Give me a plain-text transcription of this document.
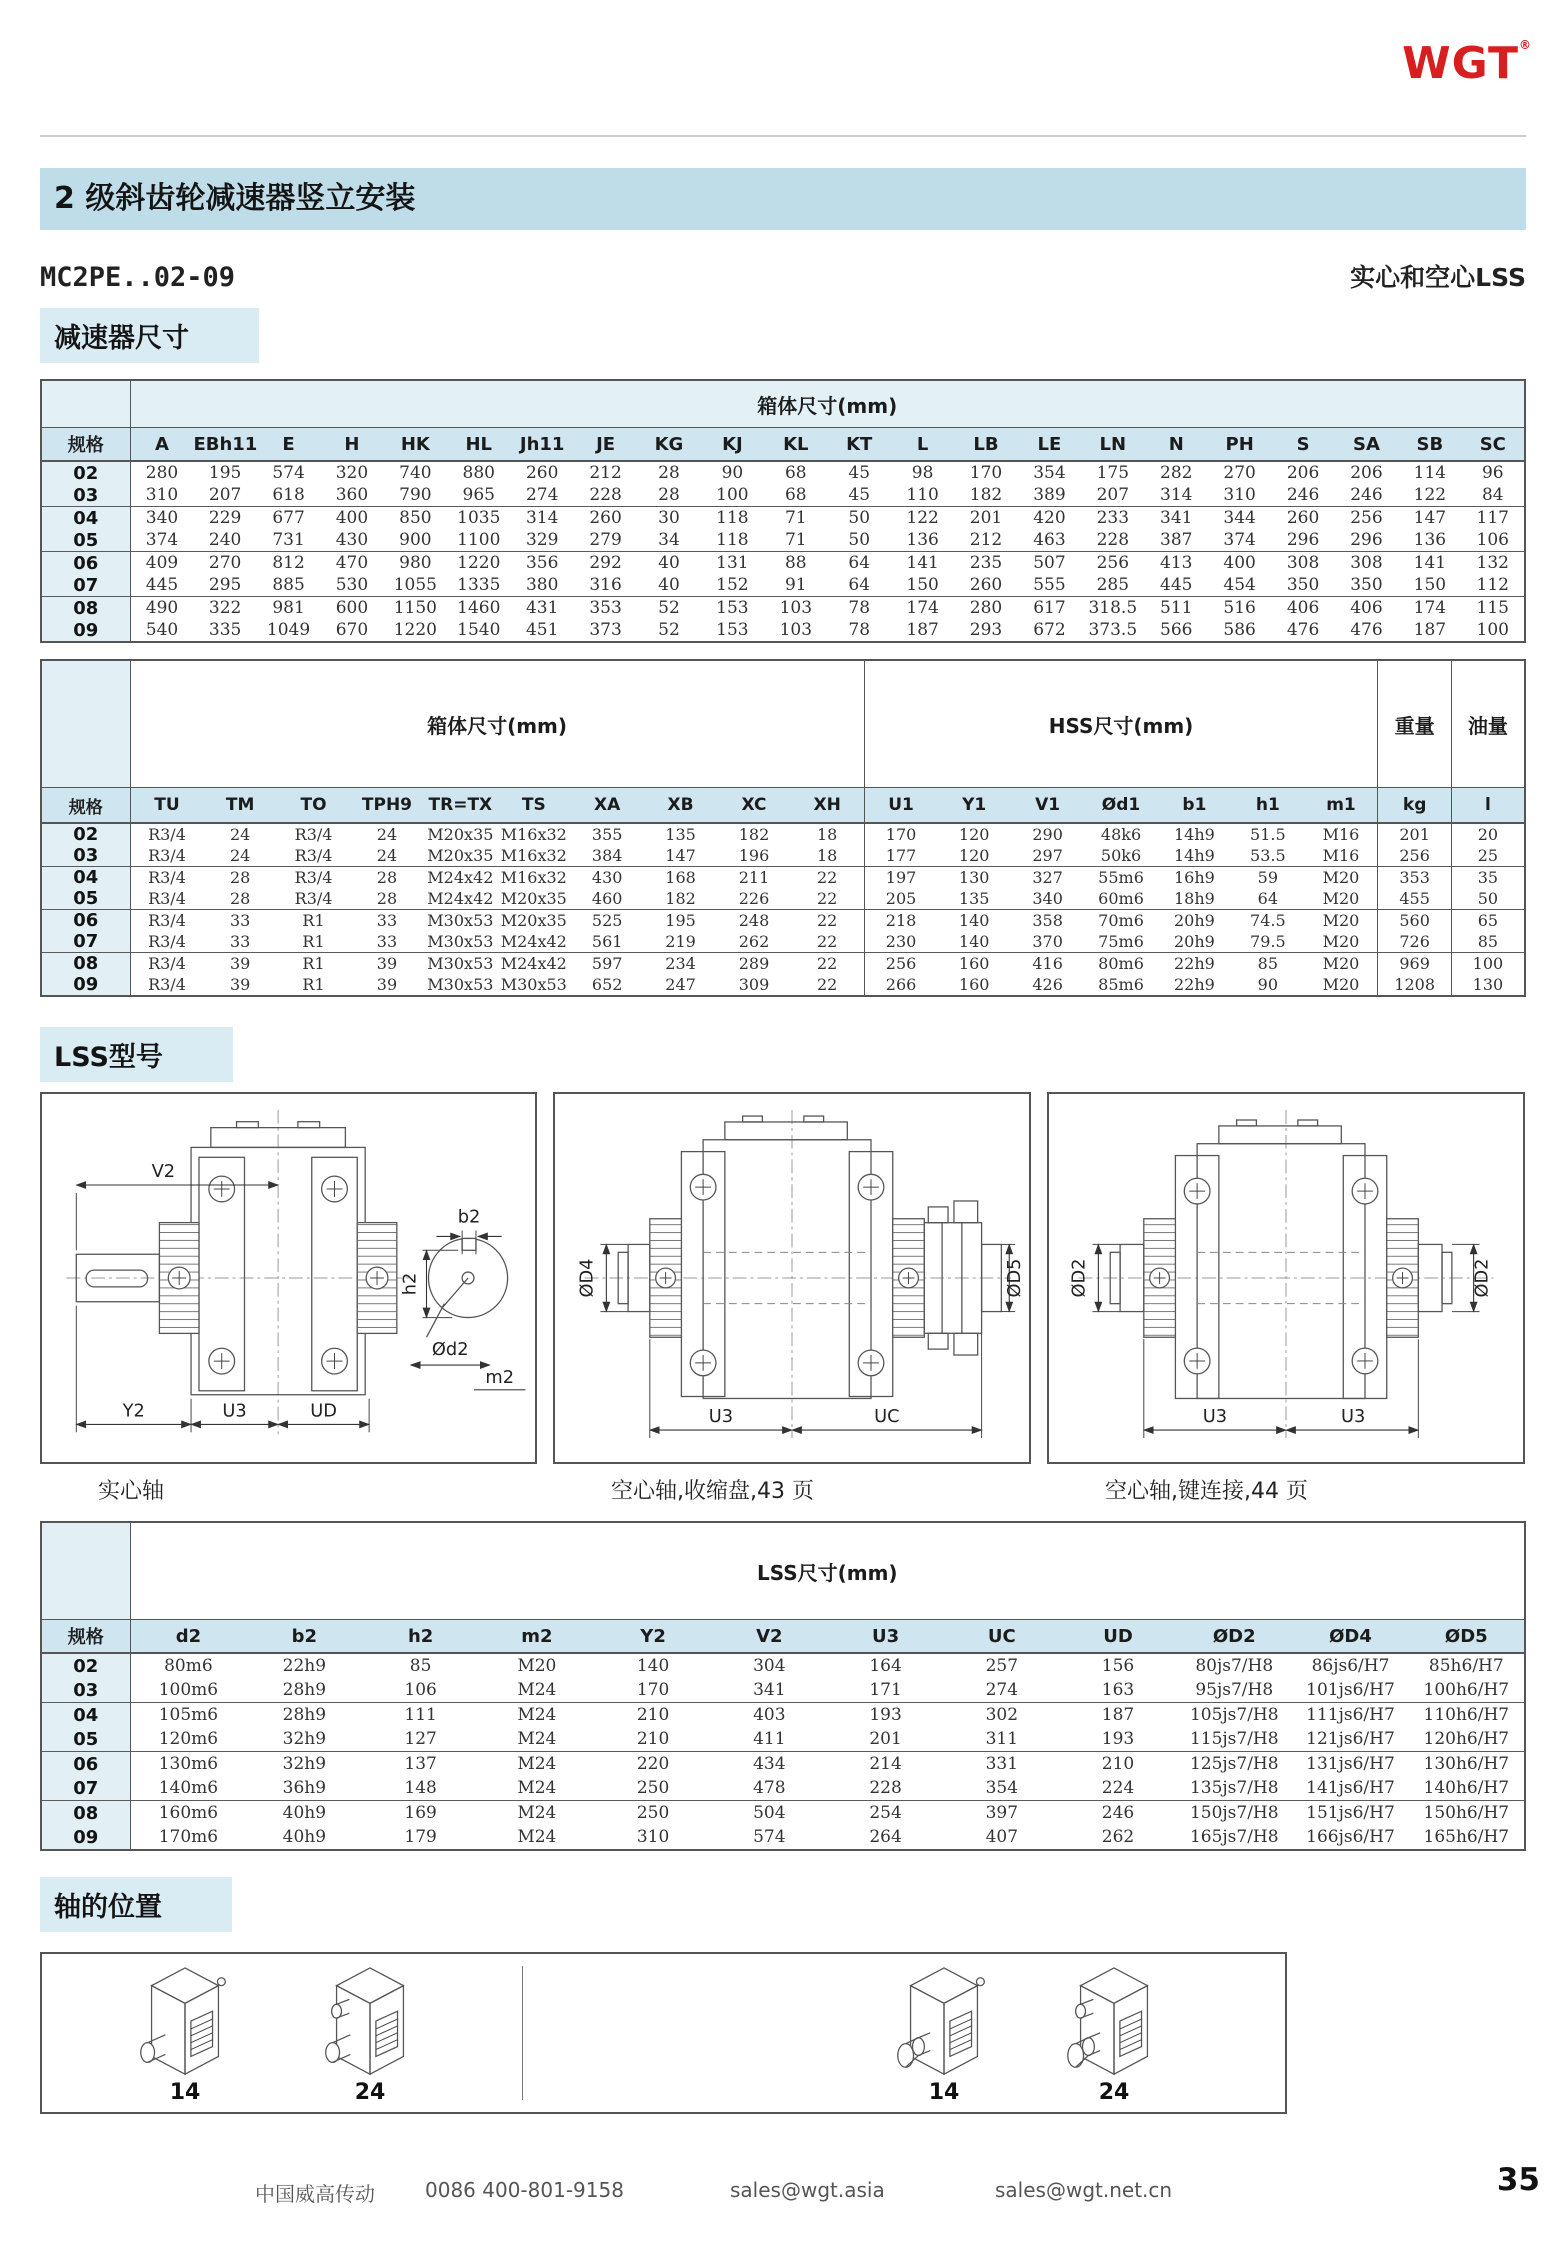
WGT®
2 级斜齿轮减速器竖立安装
MC2PE..02-09	实心和空心LSS
减速器尺寸
	箱体尺寸(mm)																					
规格	A	EBh11	E	H	HK	HL	Jh11	JE	KG	KJ	KL	KT	L	LB	LE	LN	N	PH	S	SA	SB	SC
02	280	195	574	320	740	880	260	212	28	90	68	45	98	170	354	175	282	270	206	206	114	96
03	310	207	618	360	790	965	274	228	28	100	68	45	110	182	389	207	314	310	246	246	122	84
04	340	229	677	400	850	1035	314	260	30	118	71	50	122	201	420	233	341	344	260	256	147	117
05	374	240	731	430	900	1100	329	279	34	118	71	50	136	212	463	228	387	374	296	296	136	106
06	409	270	812	470	980	1220	356	292	40	131	88	64	141	235	507	256	413	400	308	308	141	132
07	445	295	885	530	1055	1335	380	316	40	152	91	64	150	260	555	285	445	454	350	350	150	112
08	490	322	981	600	1150	1460	431	353	52	153	103	78	174	280	617	318.5	511	516	406	406	174	115
09	540	335	1049	670	1220	1540	451	373	52	153	103	78	187	293	672	373.5	566	586	476	476	187	100
	箱体尺寸(mm)										HSS尺寸(mm)							重量	油量
规格	TU	TM	TO	TPH9	TR=TX	TS	XA	XB	XC	XH	U1	Y1	V1	Ød1	b1	h1	m1	kg	l
02	R3/4	24	R3/4	24	M20x35	M16x32	355	135	182	18	170	120	290	48k6	14h9	51.5	M16	201	20
03	R3/4	24	R3/4	24	M20x35	M16x32	384	147	196	18	177	120	297	50k6	14h9	53.5	M16	256	25
04	R3/4	28	R3/4	28	M24x42	M16x32	430	168	211	22	197	130	327	55m6	16h9	59	M20	353	35
05	R3/4	28	R3/4	28	M24x42	M20x35	460	182	226	22	205	135	340	60m6	18h9	64	M20	455	50
06	R3/4	33	R1	33	M30x53	M20x35	525	195	248	22	218	140	358	70m6	20h9	74.5	M20	560	65
07	R3/4	33	R1	33	M30x53	M24x42	561	219	262	22	230	140	370	75m6	20h9	79.5	M20	726	85
08	R3/4	39	R1	39	M30x53	M24x42	597	234	289	22	256	160	416	80m6	22h9	85	M20	969	100
09	R3/4	39	R1	39	M30x53	M30x53	652	247	309	22	266	160	426	85m6	22h9	90	M20	1208	130
LSS型号
V2
b2
h2
Ød2
m2
Y2	U3	UD
实心轴
ØD4	ØD5
U3	UC
空心轴,收缩盘,43 页
ØD2	ØD2
U3	U3
空心轴,键连接,44 页
	LSS尺寸(mm)											
规格	d2	b2	h2	m2	Y2	V2	U3	UC	UD	ØD2	ØD4	ØD5
02	80m6	22h9	85	M20	140	304	164	257	156	80js7/H8	86js6/H7	85h6/H7
03	100m6	28h9	106	M24	170	341	171	274	163	95js7/H8	101js6/H7	100h6/H7
04	105m6	28h9	111	M24	210	403	193	302	187	105js7/H8	111js6/H7	110h6/H7
05	120m6	32h9	127	M24	210	411	201	311	193	115js7/H8	121js6/H7	120h6/H7
06	130m6	32h9	137	M24	220	434	214	331	210	125js7/H8	131js6/H7	130h6/H7
07	140m6	36h9	148	M24	250	478	228	354	224	135js7/H8	141js6/H7	140h6/H7
08	160m6	40h9	169	M24	250	504	254	397	246	150js7/H8	151js6/H7	150h6/H7
09	170m6	40h9	179	M24	310	574	264	407	262	165js7/H8	166js6/H7	165h6/H7
轴的位置
14	24	14	24
中国威高传动	0086 400-801-9158	sales@wgt.asia	sales@wgt.net.cn	35
